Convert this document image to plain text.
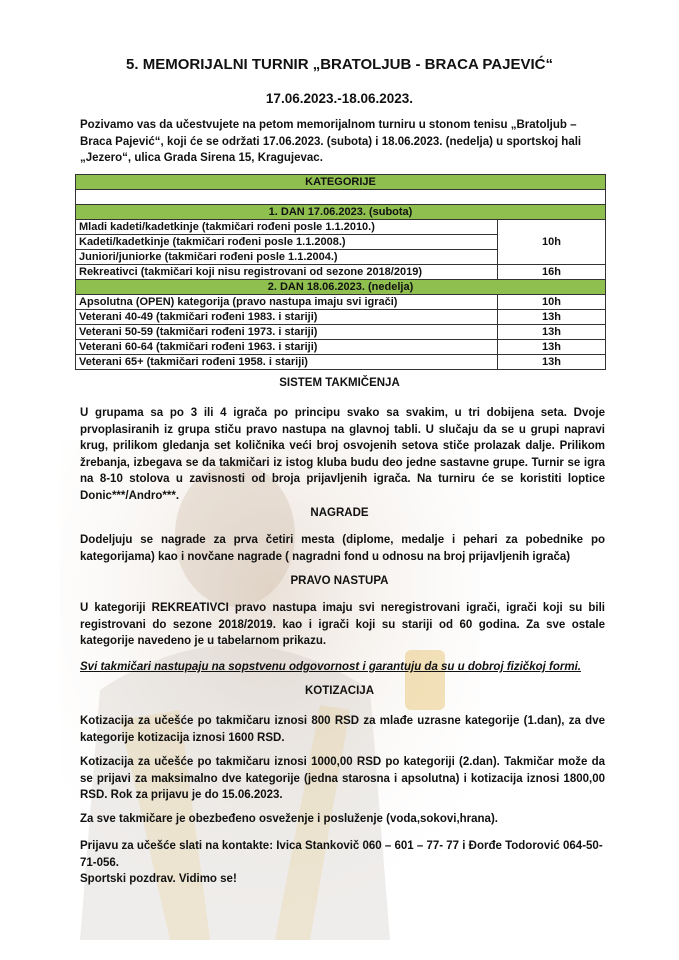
5. MEMORIJALNI TURNIR „BRATOLJUB - BRACA PAJEVIĆ“
17.06.2023.-18.06.2023.
Pozivamo vas da učestvujete na petom memorijalnom turniru u stonom tenisu „Bratoljub –
Braca Pajević“, koji će se održati 17.06.2023. (subota) i 18.06.2023. (nedelja) u sportskoj hali
„Jezero“, ulica Grada Sirena 15, Kragujevac.
KATEGORIJE	

1. DAN 17.06.2023. (subota)	
Mladi kadeti/kadetkinje (takmičari rođeni posle 1.1.2010.)	10h
Kadeti/kadetkinje (takmičari rođeni posle 1.1.2008.)	
Juniori/juniorke (takmičari rođeni posle 1.1.2004.)	
Rekreativci (takmičari koji nisu registrovani od sezone 2018/2019)	16h
2. DAN 18.06.2023. (nedelja)	
Apsolutna (OPEN) kategorija (pravo nastupa imaju svi igrači)	10h
Veterani 40-49 (takmičari rođeni 1983. i stariji)	13h
Veterani 50-59 (takmičari rođeni 1973. i stariji)	13h
Veterani 60-64 (takmičari rođeni 1963. i stariji)	13h
Veterani 65+ (takmičari rođeni 1958. i stariji)	13h
SISTEM TAKMIČENJA
U grupama sa po 3 ili 4 igrača po principu svako sa svakim, u tri dobijena seta. Dvoje prvoplasiranih iz grupa stiču pravo nastupa na glavnoj tabli. U slučaju da se u grupi napravi krug, prilikom gledanja set količnika veći broj osvojenih setova stiče prolazak dalje. Prilikom žrebanja, izbegava se da takmičari iz istog kluba budu deo jedne sastavne grupe. Turnir se igra na 8-10 stolova u zavisnosti od broja prijavljenih igrača. Na turniru će se koristiti loptice Donic***/Andro***.
NAGRADE
Dodeljuju se nagrade za prva četiri mesta (diplome, medalje i pehari za pobednike po kategorijama) kao i novčane nagrade ( nagradni fond u odnosu na broj prijavljenih igrača)
PRAVO NASTUPA
U kategoriji REKREATIVCI pravo nastupa imaju svi neregistrovani igrači, igrači koji su bili registrovani do sezone 2018/2019. kao i igrači koji su stariji od 60 godina. Za sve ostale kategorije navedeno je u tabelarnom prikazu.
Svi takmičari nastupaju na sopstvenu odgovornost i garantuju da su u dobroj fizičkoj formi.
KOTIZACIJA
Kotizacija za učešće po takmičaru iznosi 800 RSD za mlađe uzrasne kategorije (1.dan), za dve kategorije kotizacija iznosi 1600 RSD.
Kotizacija za učešće po takmičaru iznosi 1000,00 RSD po kategoriji (2.dan). Takmičar može da se prijavi za maksimalno dve kategorije (jedna starosna i apsolutna) i kotizacija iznosi 1800,00 RSD. Rok za prijavu je do 15.06.2023.
Za sve takmičare je obezbeđeno osveženje i posluženje (voda,sokovi,hrana).
Prijavu za učešće slati na kontakte: Ivica Stankovič 060 – 601 – 77- 77 i Đorđe Todorović 064-50-71-056.
Sportski pozdrav. Vidimo se!
